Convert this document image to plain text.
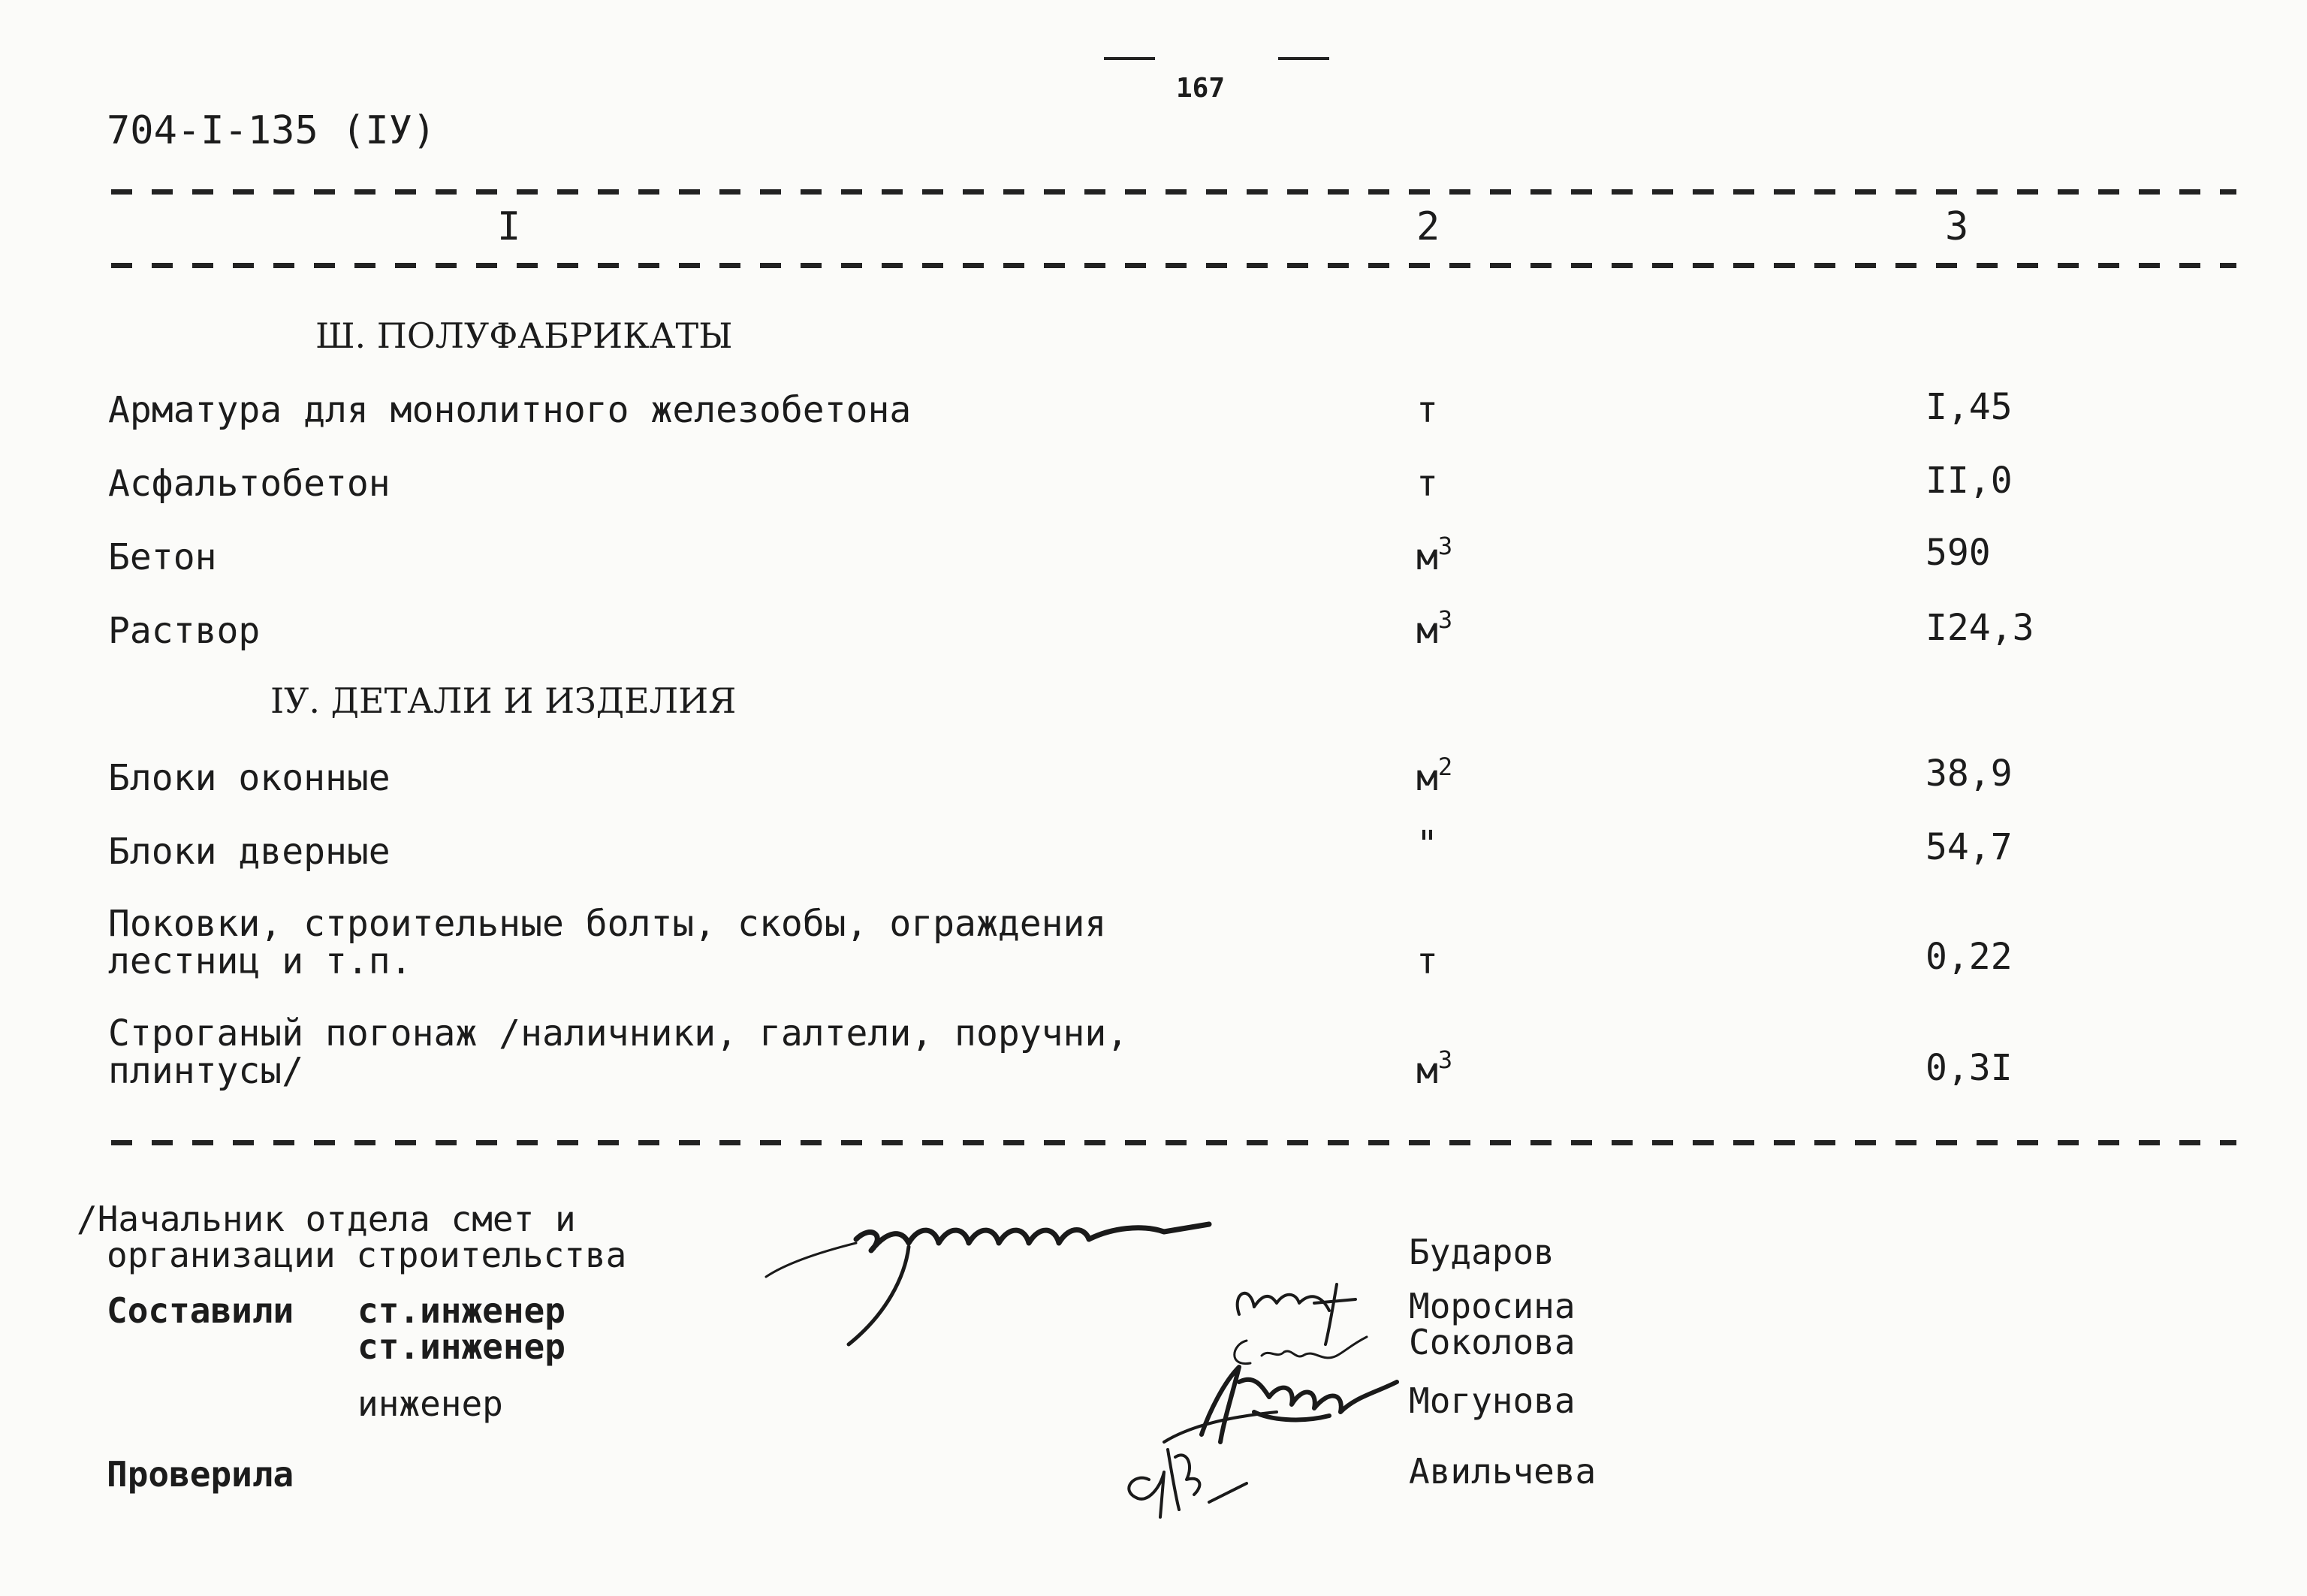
704-I-135 (IУ)
167
I	2	3
Ш. ПОЛУФАБРИКАТЫ
Арматура для монолитного железобетона	т	I,45
Асфальтобетон	т	II,0
Бетон	$м^3$	590
Раствор	$м^3$	I24,3
IУ. ДЕТАЛИ И ИЗДЕЛИЯ
Блоки оконные	$м^2$	38,9
Блоки дверные	"	54,7
Поковки, строительные болты, скобы, ограждения
лестниц и т.п.	т	0,22
Строганый погонаж /наличники, галтели, поручни,
плинтусы/	$м^3$	0,3I
/Начальник отдела смет и
организации строительства	Бударов
Составили ст.инженер
ст.инженер
инженер
Моросина
Соколова
Могунова
Проверила	Авильчева
